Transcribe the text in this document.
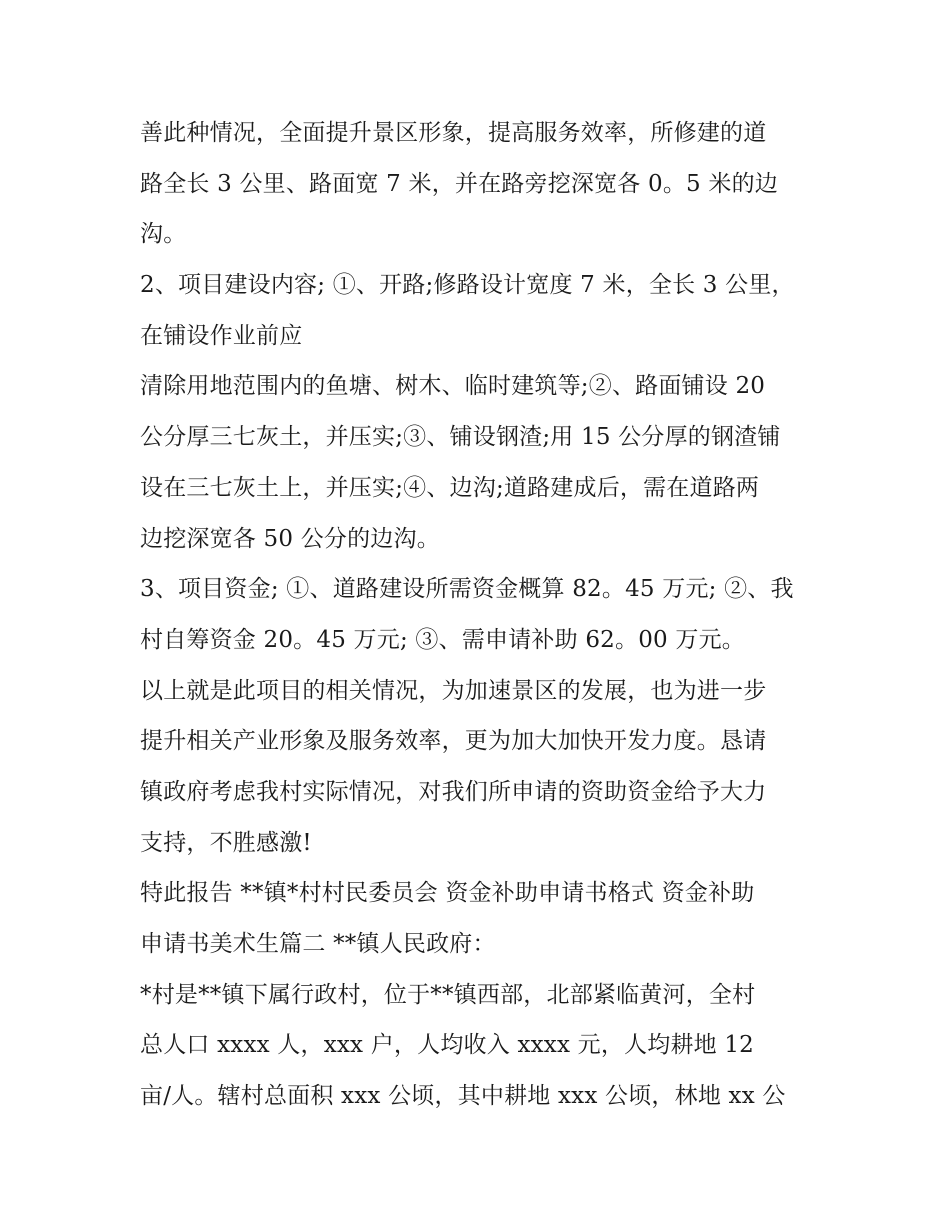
善此种情况，全面提升景区形象，提高服务效率，所修建的道
路全长 3 公里、路面宽 7 米，并在路旁挖深宽各 0。5 米的边
沟。
2、项目建设内容; ①、开路;修路设计宽度 7 米，全长 3 公里，
在铺设作业前应
清除用地范围内的鱼塘、树木、临时建筑等;②、路面铺设 20
公分厚三七灰土，并压实;③、铺设钢渣;用 15 公分厚的钢渣铺
设在三七灰土上，并压实;④、边沟;道路建成后，需在道路两
边挖深宽各 50 公分的边沟。
3、项目资金; ①、道路建设所需资金概算 82。45 万元; ②、我
村自筹资金 20。45 万元; ③、需申请补助 62。00 万元。
以上就是此项目的相关情况，为加速景区的发展，也为进一步
提升相关产业形象及服务效率，更为加大加快开发力度。恳请
镇政府考虑我村实际情况，对我们所申请的资助资金给予大力
支持，不胜感激!
特此报告 **镇*村村民委员会 资金补助申请书格式 资金补助
申请书美术生篇二 **镇人民政府：
*村是**镇下属行政村，位于**镇西部，北部紧临黄河，全村
总人口 xxxx 人，xxx 户，人均收入 xxxx 元，人均耕地 12
亩/人。辖村总面积 xxx 公顷，其中耕地 xxx 公顷，林地 xx 公
